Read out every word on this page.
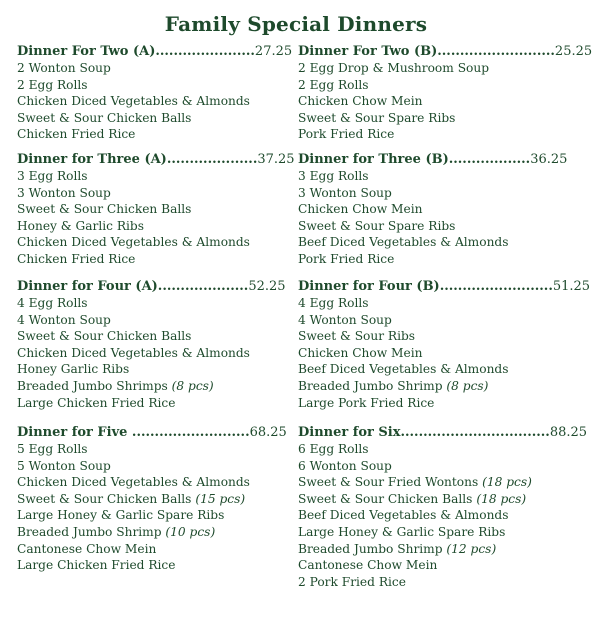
Family Special Dinners
Dinner For Two (A)...................... 27.25
2 Wonton Soup
2 Egg Rolls
Chicken Diced Vegetables & Almonds
Sweet & Sour Chicken Balls
Chicken Fried Rice
Dinner For Two (B).......................... 25.25
2 Egg Drop & Mushroom Soup
2 Egg Rolls
Chicken Chow Mein
Sweet & Sour Spare Ribs
Pork Fried Rice
Dinner for Three (A).................... 37.25
3 Egg Rolls
3 Wonton Soup
Sweet & Sour Chicken Balls
Honey & Garlic Ribs
Chicken Diced Vegetables & Almonds
Chicken Fried Rice
Dinner for Three (B).................. 36.25
3 Egg Rolls
3 Wonton Soup
Chicken Chow Mein
Sweet & Sour Spare Ribs
Beef Diced Vegetables & Almonds
Pork Fried Rice
Dinner for Four (A).................... 52.25
4 Egg Rolls
4 Wonton Soup
Sweet & Sour Chicken Balls
Chicken Diced Vegetables & Almonds
Honey Garlic Ribs
Breaded Jumbo Shrimps (8 pcs)
Large Chicken Fried Rice
Dinner for Four (B)......................... 51.25
4 Egg Rolls
4 Wonton Soup
Sweet & Sour Ribs
Chicken Chow Mein
Beef Diced Vegetables & Almonds
Breaded Jumbo Shrimp (8 pcs)
Large Pork Fried Rice
Dinner for Five .......................... 68.25
5 Egg Rolls
5 Wonton Soup
Chicken Diced Vegetables & Almonds
Sweet & Sour Chicken Balls (15 pcs)
Large Honey & Garlic Spare Ribs
Breaded Jumbo Shrimp (10 pcs)
Cantonese Chow Mein
Large Chicken Fried Rice
Dinner for Six................................. 88.25
6 Egg Rolls
6 Wonton Soup
Sweet & Sour Fried Wontons (18 pcs)
Sweet & Sour Chicken Balls (18 pcs)
Beef Diced Vegetables & Almonds
Large Honey & Garlic Spare Ribs
Breaded Jumbo Shrimp (12 pcs)
Cantonese Chow Mein
2 Pork Fried Rice
